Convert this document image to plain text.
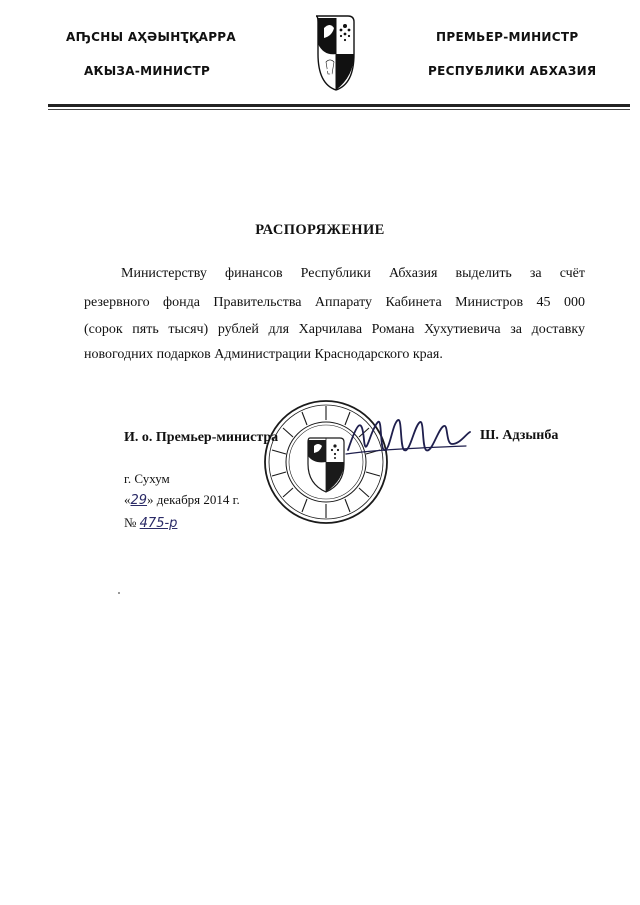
АҦСНЫ АҲӘЫНҬҚАРРА
АҞЫЗА-МИНИСТР
ПРЕМЬЕР-МИНИСТР
РЕСПУБЛИКИ АБХАЗИЯ
РАСПОРЯЖЕНИЕ
Министерству финансов Республики Абхазия выделить за счёт
резервного фонда Правительства Аппарату Кабинета Министров 45 000
(сорок пять тысяч) рублей для Харчилава Романа Хухутиевича за доставку
новогодних подарков Администрации Краснодарского края.
И. о. Премьер-министра	Ш. Адзынба
г. Сухум
«29» декабря 2014 г.
№ 475-р
